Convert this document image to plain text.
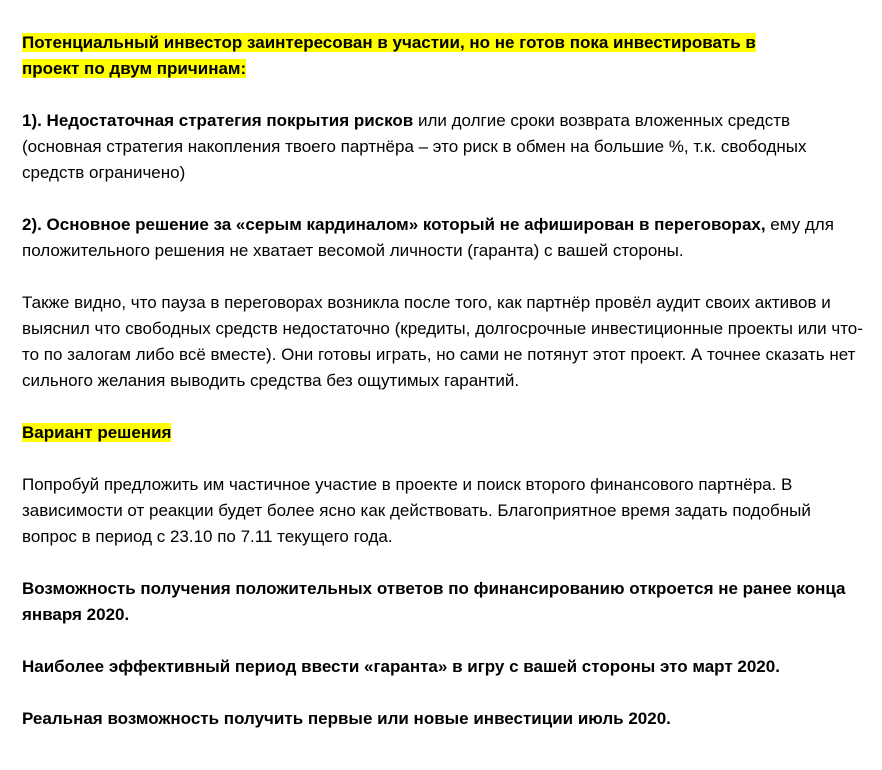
Потенциальный инвестор заинтересован в участии, но не готов пока инвестировать в
проект по двум причинам:

1). Недостаточная стратегия покрытия рисков или долгие сроки возврата вложенных средств (основная стратегия накопления твоего партнёра – это риск в обмен на большие %, т.к. свободных средств ограничено)

2). Основное решение за «серым кардиналом» который не афиширован в переговорах, ему для положительного решения не хватает весомой личности (гаранта) с вашей стороны.

Также видно, что пауза в переговорах возникла после того, как партнёр провёл аудит своих активов и выяснил что свободных средств недостаточно (кредиты, долгосрочные инвестиционные проекты или что-то по залогам либо всё вместе). Они готовы играть, но сами не потянут этот проект. А точнее сказать нет сильного желания выводить средства без ощутимых гарантий.

Вариант решения

Попробуй предложить им частичное участие в проекте и поиск второго финансового партнёра. В зависимости от реакции будет более ясно как действовать. Благоприятное время задать подобный вопрос в период с 23.10 по 7.11 текущего года.

Возможность получения положительных ответов по финансированию откроется не ранее конца января 2020.

Наиболее эффективный период ввести «гаранта» в игру с вашей стороны это март 2020.

Реальная возможность получить первые или новые инвестиции июль 2020.
